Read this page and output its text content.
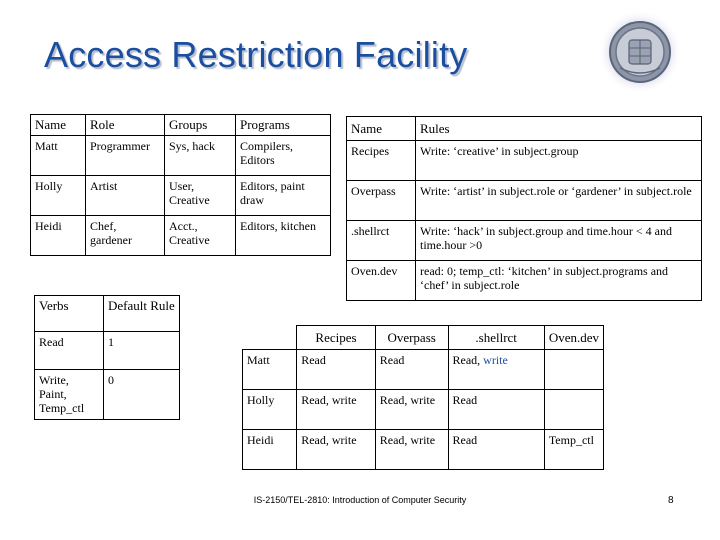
Access Restriction Facility
Name	Role	Groups	Programs
Matt	Programmer	Sys, hack	Compilers, Editors
Holly	Artist	User, Creative	Editors, paint draw
Heidi	Chef, gardener	Acct., Creative	Editors, kitchen
Name	Rules
Recipes	Write: ‘creative’ in subject.group
Overpass	Write: ‘artist’ in subject.role or ‘gardener’ in subject.role
.shellrct	Write: ‘hack’ in subject.group and time.hour < 4 and time.hour >0
Oven.dev	read: 0; temp_ctl: ‘kitchen’ in subject.programs and ‘chef’ in subject.role
Verbs	Default Rule
Read	1
Write, Paint, Temp_ctl	0
	Recipes	Overpass	.shellrct	Oven.dev
Matt	Read	Read	Read, write	
Holly	Read, write	Read, write	Read	
Heidi	Read, write	Read, write	Read	Temp_ctl
IS-2150/TEL-2810: Introduction of Computer Security	8
